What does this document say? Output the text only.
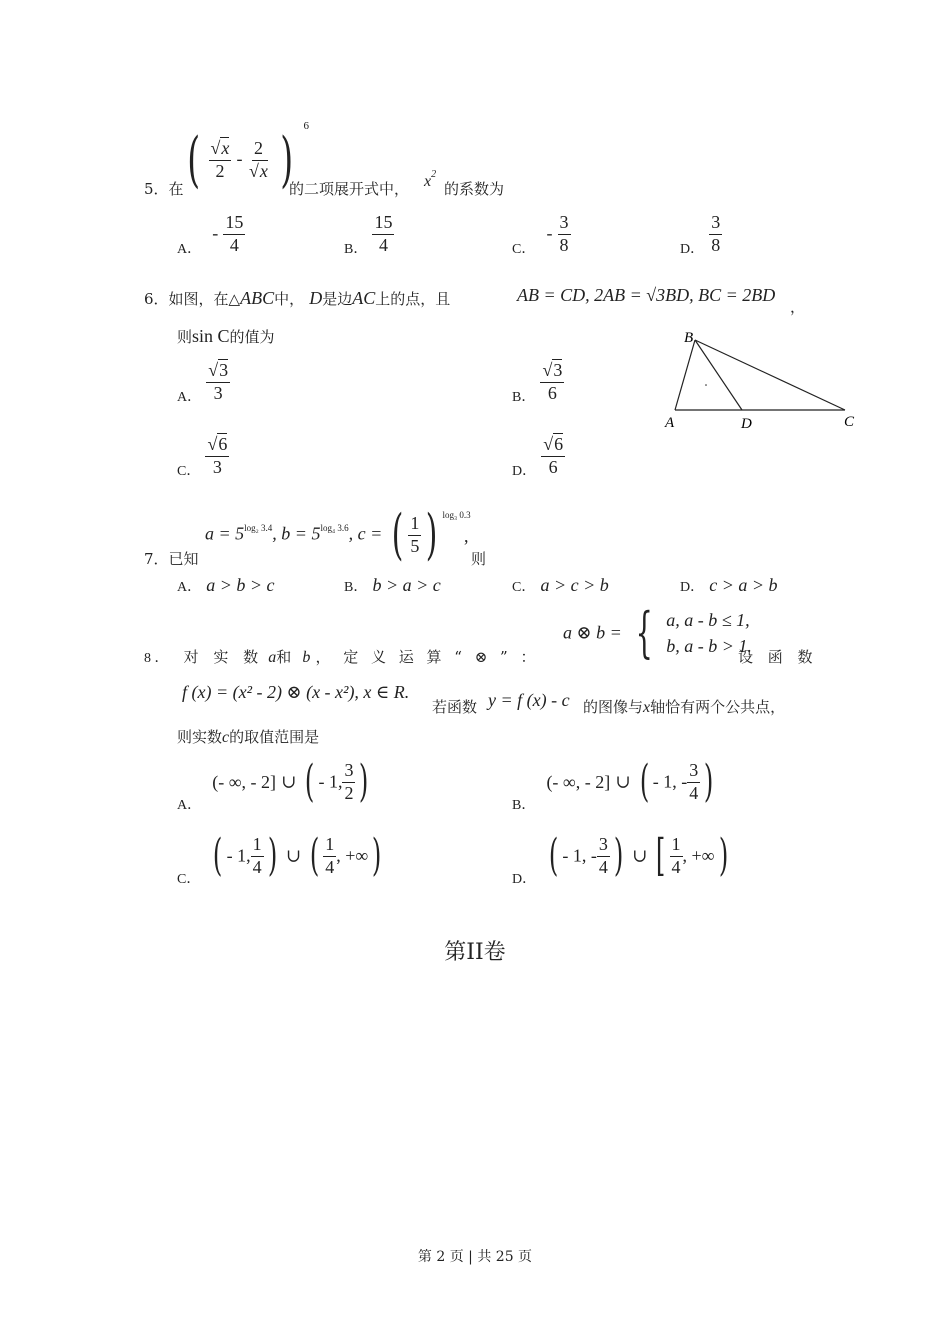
5．在 ( $\frac{√x}{2} - \frac{2}{√x}$ ) $^6$
的二项展开式中， $x^2$
的系数为
A． - $\frac{15}{4}$	B． $\frac{15}{4}$	C． - $\frac{3}{8}$	D． $\frac{3}{8}$
6．如图，在△ABC中， D是边AC上的点，且	AB = CD, 2AB = √3BD, BC = 2BD
，
则sin C的值为
A． $\frac{√3}{3}$	B． $\frac{√3}{6}$
C． $\frac{√6}{3}$	D． $\frac{√6}{6}$
B
A	D	C
7．已知
$a = 5^{log_2 3.4}$, $b = 5^{log_4 3.6}$, c = ( $\frac{1}{5}$ ) $^{log_3 0.3}$
,
则
A． a > b > c	B． b > a > c	C． a > c > b	D． c > a > b
8 ． 对 实 数 a和 b ， 定 义 运 算 “ ⊗ ” ：
a ⊗ b = { a, a - b ≤ 1,
b, a - b > 1.
设 函 数
f (x) = (x² - 2) ⊗ (x - x²), x ∈ R.
若函数 y = f (x) - c 的图像与x轴恰有两个公共点，
则实数c的取值范围是
A． (- ∞, - 2] ∪ ( - 1, $\frac{3}{2}$ )	B． (- ∞, - 2] ∪ ( - 1, - $\frac{3}{4}$ )
C． ( - 1, $\frac{1}{4}$ ) ∪ ( $\frac{1}{4}$ , +∞)	D． ( - 1, - $\frac{3}{4}$ ) ∪ [ $\frac{1}{4}$ , +∞)
第II卷
第 2 页 | 共 25 页
